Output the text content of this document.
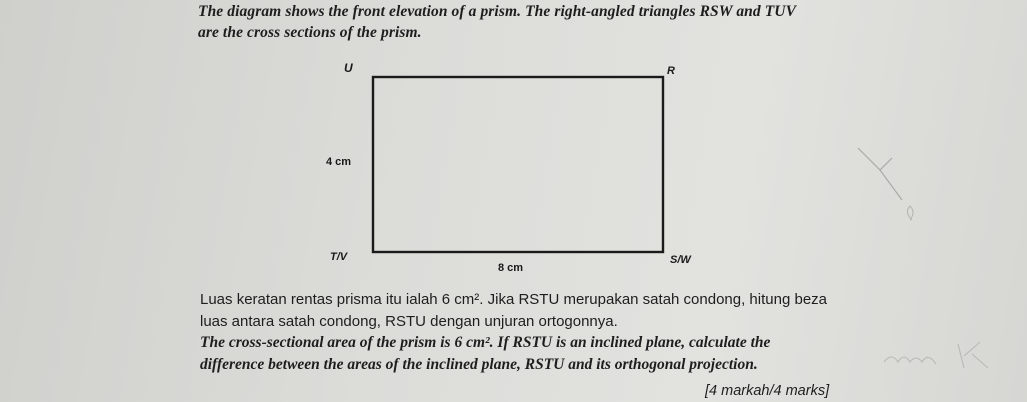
The diagram shows the front elevation of a prism. The right-angled triangles RSW and TUV
are the cross sections of the prism.
U	R
T/V	S/W
4 cm
8 cm
Luas keratan rentas prisma itu ialah 6 cm². Jika RSTU merupakan satah condong, hitung beza
luas antara satah condong, RSTU dengan unjuran ortogonnya.
The cross-sectional area of the prism is 6 cm². If RSTU is an inclined plane, calculate the
difference between the areas of the inclined plane, RSTU and its orthogonal projection.
[4 markah/4 marks]
